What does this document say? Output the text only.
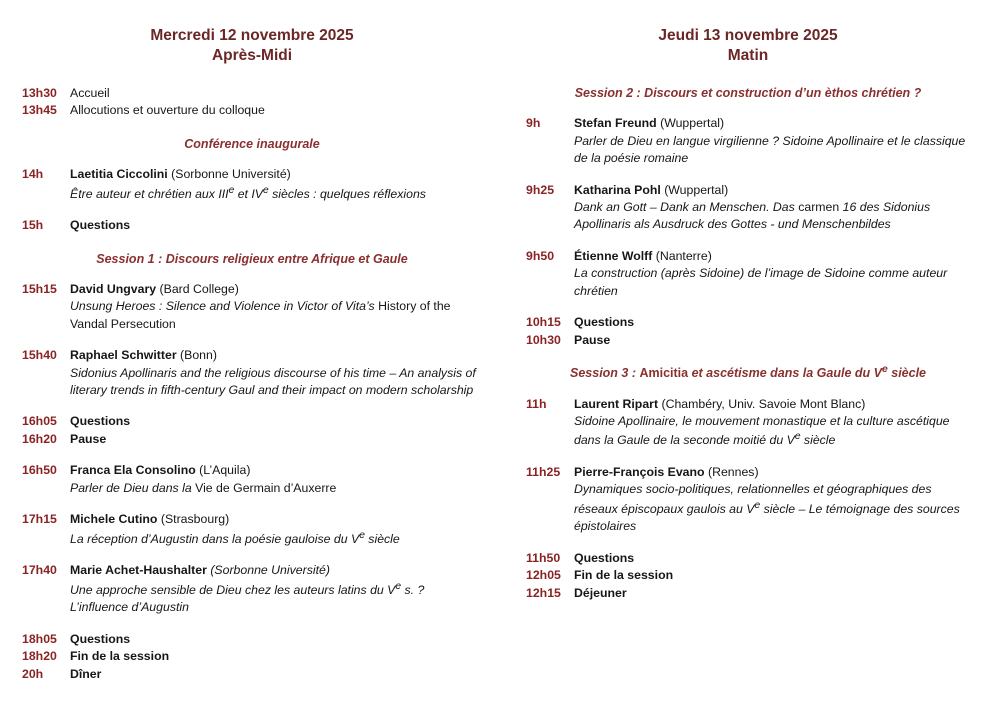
Mercredi 12 novembre 2025
Après-Midi
13h30	Accueil
13h45	Allocutions et ouverture du colloque
Conférence inaugurale
14h	Laetitia Ciccolini (Sorbonne Université)
Être auteur et chrétien aux IIIe et IVe siècles : quelques réflexions
15h	Questions
Session 1 : Discours religieux entre Afrique et Gaule
15h15	David Ungvary (Bard College)
Unsung Heroes : Silence and Violence in Victor of Vita’s History of the Vandal Persecution
15h40	Raphael Schwitter (Bonn)
Sidonius Apollinaris and the religious discourse of his time – An analysis of literary trends in fifth-century Gaul and their impact on modern scholarship
16h05	Questions
16h20	Pause
16h50	Franca Ela Consolino (L’Aquila)
Parler de Dieu dans la Vie de Germain d’Auxerre
17h15	Michele Cutino (Strasbourg)
La réception d’Augustin dans la poésie gauloise du Ve siècle
17h40	Marie Achet-Haushalter (Sorbonne Université)
Une approche sensible de Dieu chez les auteurs latins du Ve s. ? L’influence d’Augustin
18h05	Questions
18h20	Fin de la session
20h	Dîner
Jeudi 13 novembre 2025
Matin
Session 2 : Discours et construction d’un èthos chrétien ?
9h	Stefan Freund (Wuppertal)
Parler de Dieu en langue virgilienne ? Sidoine Apollinaire et le classique de la poésie romaine
9h25	Katharina Pohl (Wuppertal)
Dank an Gott – Dank an Menschen. Das carmen 16 des Sidonius Apollinaris als Ausdruck des Gottes - und Menschenbildes
9h50	Étienne Wolff (Nanterre)
La construction (après Sidoine) de l’image de Sidoine comme auteur chrétien
10h15	Questions
10h30	Pause
Session 3 : Amicitia et ascétisme dans la Gaule du Ve siècle
11h	Laurent Ripart (Chambéry, Univ. Savoie Mont Blanc)
Sidoine Apollinaire, le mouvement monastique et la culture ascétique dans la Gaule de la seconde moitié du Ve siècle
11h25	Pierre-François Evano (Rennes)
Dynamiques socio-politiques, relationnelles et géographiques des réseaux épiscopaux gaulois au Ve siècle – Le témoignage des sources épistolaires
11h50	Questions
12h05	Fin de la session
12h15	Déjeuner
